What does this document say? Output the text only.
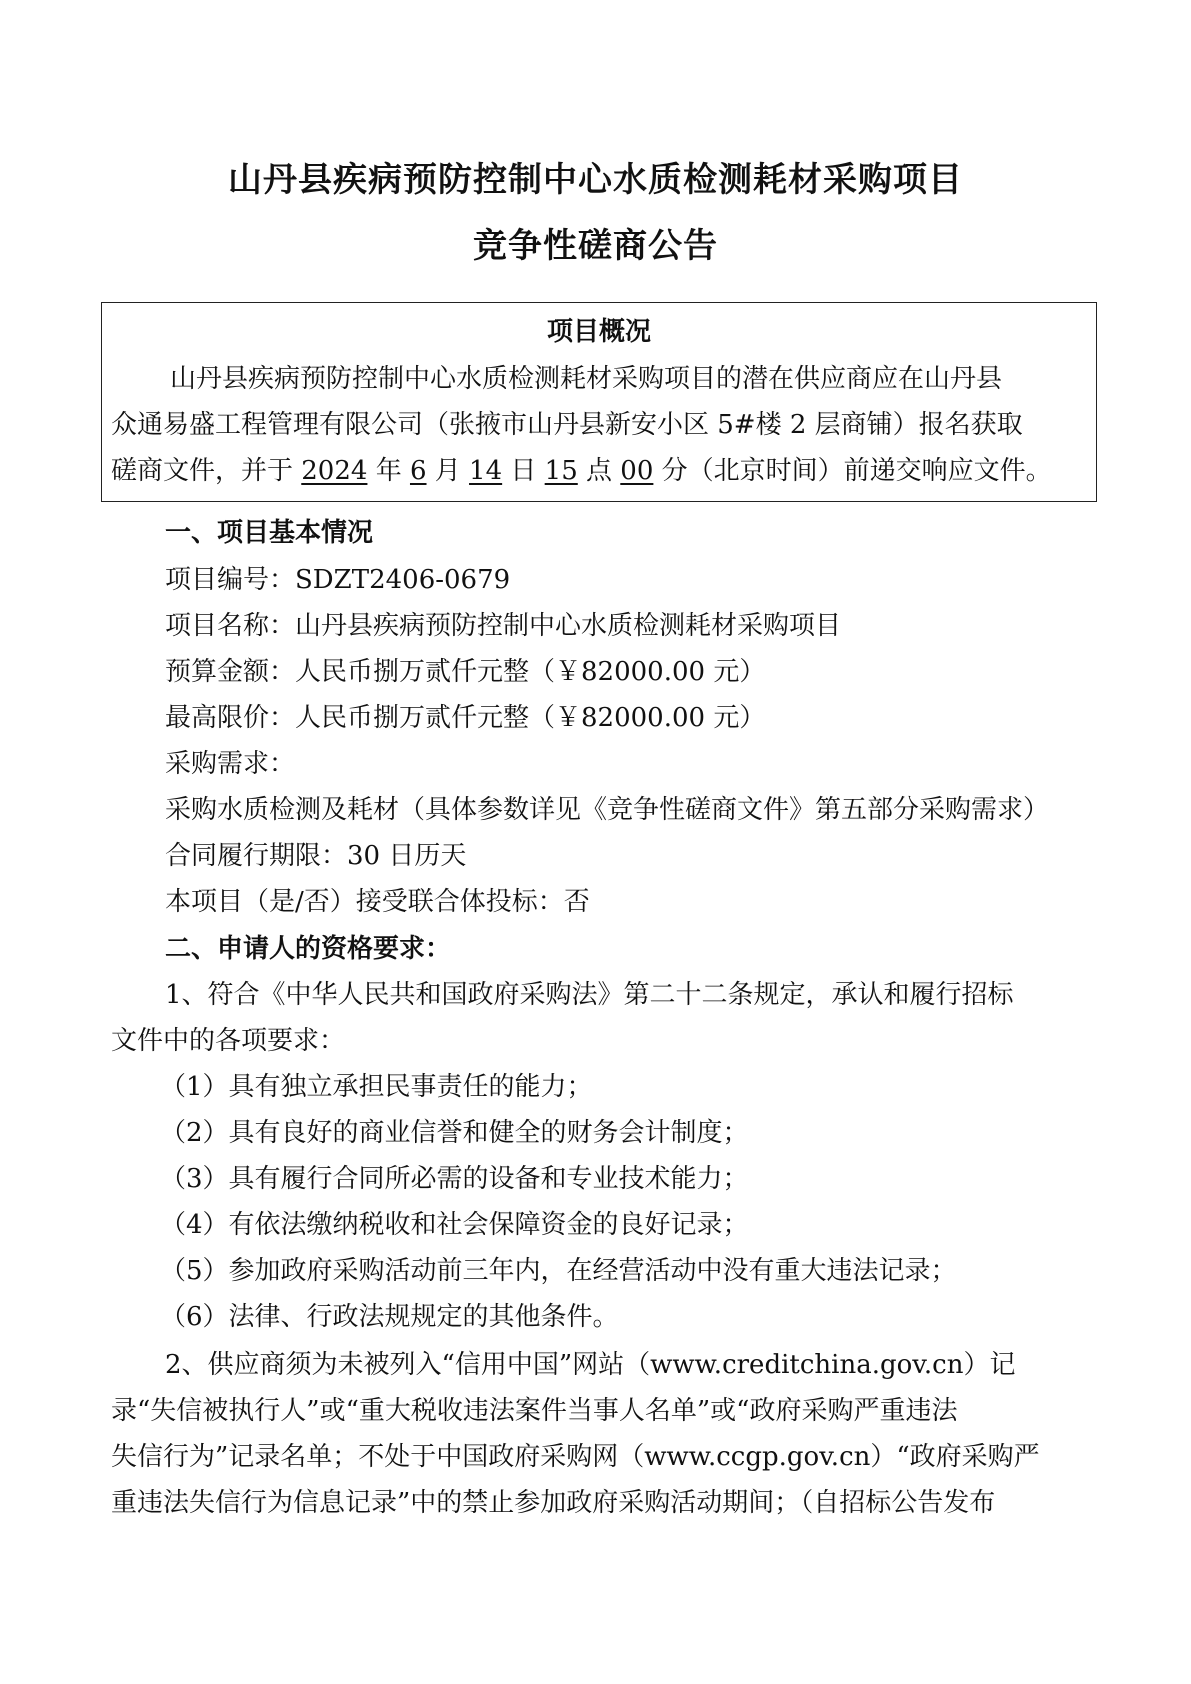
山丹县疾病预防控制中心水质检测耗材采购项目
竞争性磋商公告
项目概况
山丹县疾病预防控制中心水质检测耗材采购项目的潜在供应商应在山丹县
众通易盛工程管理有限公司（张掖市山丹县新安小区 5#楼 2 层商铺）报名获取
磋商文件，并于 2024 年 6 月 14 日 15 点 00 分（北京时间）前递交响应文件。
一、项目基本情况
项目编号：SDZT2406-0679
项目名称：山丹县疾病预防控制中心水质检测耗材采购项目
预算金额：人民币捌万贰仟元整（￥82000.00 元）
最高限价：人民币捌万贰仟元整（￥82000.00 元）
采购需求：
采购水质检测及耗材（具体参数详见《竞争性磋商文件》第五部分采购需求）
合同履行期限：30 日历天
本项目（是/否）接受联合体投标：否
二、申请人的资格要求：
1、符合《中华人民共和国政府采购法》第二十二条规定，承认和履行招标
文件中的各项要求：
（1）具有独立承担民事责任的能力；
（2）具有良好的商业信誉和健全的财务会计制度；
（3）具有履行合同所必需的设备和专业技术能力；
（4）有依法缴纳税收和社会保障资金的良好记录；
（5）参加政府采购活动前三年内，在经营活动中没有重大违法记录；
（6）法律、行政法规规定的其他条件。
2、供应商须为未被列入“信用中国”网站（www.creditchina.gov.cn）记
录“失信被执行人”或“重大税收违法案件当事人名单”或“政府采购严重违法
失信行为”记录名单；不处于中国政府采购网（www.ccgp.gov.cn）“政府采购严
重违法失信行为信息记录”中的禁止参加政府采购活动期间；（自招标公告发布
